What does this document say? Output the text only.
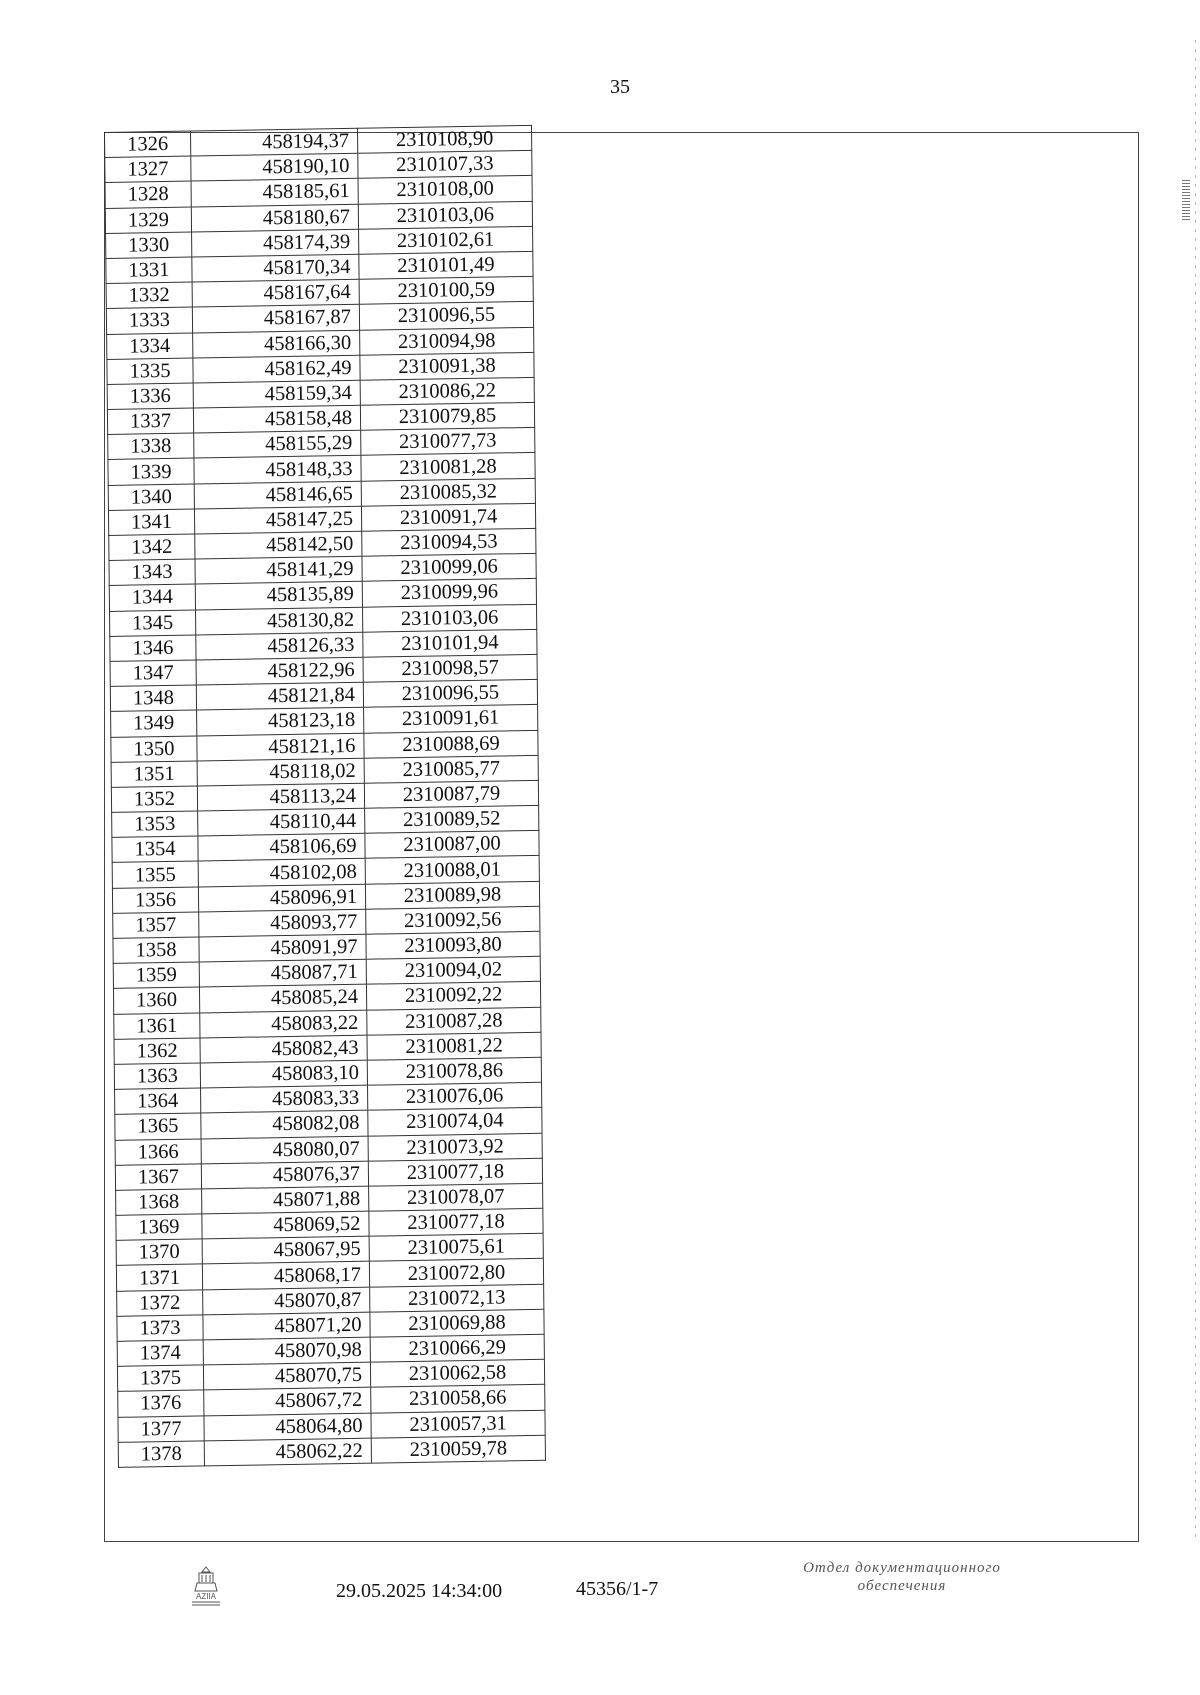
35
1326	458194,37	2310108,90
1327	458190,10	2310107,33
1328	458185,61	2310108,00
1329	458180,67	2310103,06
1330	458174,39	2310102,61
1331	458170,34	2310101,49
1332	458167,64	2310100,59
1333	458167,87	2310096,55
1334	458166,30	2310094,98
1335	458162,49	2310091,38
1336	458159,34	2310086,22
1337	458158,48	2310079,85
1338	458155,29	2310077,73
1339	458148,33	2310081,28
1340	458146,65	2310085,32
1341	458147,25	2310091,74
1342	458142,50	2310094,53
1343	458141,29	2310099,06
1344	458135,89	2310099,96
1345	458130,82	2310103,06
1346	458126,33	2310101,94
1347	458122,96	2310098,57
1348	458121,84	2310096,55
1349	458123,18	2310091,61
1350	458121,16	2310088,69
1351	458118,02	2310085,77
1352	458113,24	2310087,79
1353	458110,44	2310089,52
1354	458106,69	2310087,00
1355	458102,08	2310088,01
1356	458096,91	2310089,98
1357	458093,77	2310092,56
1358	458091,97	2310093,80
1359	458087,71	2310094,02
1360	458085,24	2310092,22
1361	458083,22	2310087,28
1362	458082,43	2310081,22
1363	458083,10	2310078,86
1364	458083,33	2310076,06
1365	458082,08	2310074,04
1366	458080,07	2310073,92
1367	458076,37	2310077,18
1368	458071,88	2310078,07
1369	458069,52	2310077,18
1370	458067,95	2310075,61
1371	458068,17	2310072,80
1372	458070,87	2310072,13
1373	458071,20	2310069,88
1374	458070,98	2310066,29
1375	458070,75	2310062,58
1376	458067,72	2310058,66
1377	458064,80	2310057,31
1378	458062,22	2310059,78
AZIIA	29.05.2025 14:34:00	45356/1-7
Отдел документационного
обеспечения
